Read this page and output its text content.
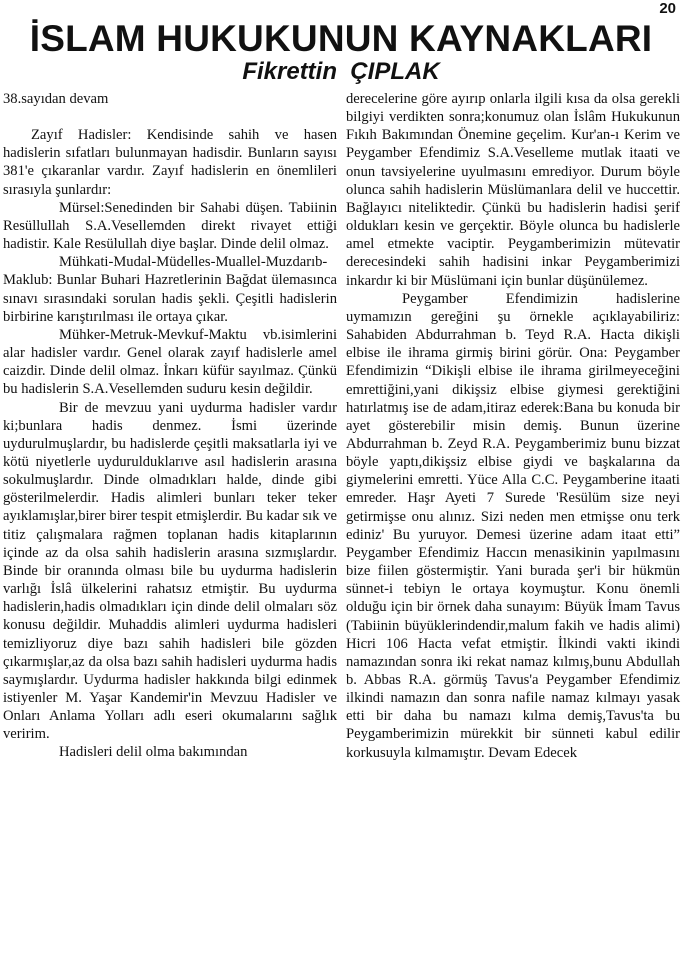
20
İSLAM HUKUKUNUN KAYNAKLARI
Fikrettin  ÇIPLAK

38.sayıdan devam

Zayıf Hadisler: Kendisinde sahih ve hasen hadislerin sıfatları bulunmayan hadisdir. Bunların sayısı 381'e çıkaranlar vardır. Zayıf hadislerin en önemlileri sırasıyla şunlardır:

Mürsel:Senedinden bir Sahabi düşen. Tabiinin Resüllullah S.A.Vesellemden direkt rivayet ettiği hadistir. Kale Resülullah diye başlar. Dinde delil olmaz.

Mühkati-Mudal-Müdelles-Muallel-Muzdarıb-Maklub: Bunlar Buhari Hazretlerinin Bağdat ülemasınca sınavı sırasındaki sorulan hadis şekli. Çeşitli hadislerin birbirine karıştırılması ile ortaya çıkar.

Mühker-Metruk-Mevkuf-Maktu vb.isimlerini alar hadisler vardır. Genel olarak zayıf hadislerle amel caizdir. Dinde delil olmaz. İnkarı küfür sayılmaz. Çünkü bu hadislerin S.A.Vesellemden suduru kesin değildir.

Bir de mevzuu yani uydurma hadisler vardır ki;bunlara hadis denmez. İsmi üzerinde uydurulmuşlardır, bu hadislerde çeşitli maksatlarla iyi ve kötü niyetlerle uydurulduklarıve asıl hadislerin arasına sokulmuşlardır. Dinde olmadıkları halde, dinde gibi gösterilmelerdir. Hadis alimleri bunları teker teker ayıklamışlar,birer birer tespit etmişlerdir. Bu kadar sık ve titiz çalışmalara rağmen toplanan hadis kitaplarının içinde az da olsa sahih hadislerin arasına sızmışlardır. Binde bir oranında olması bile bu uydurma hadislerin varlığı İslâ ülkelerini rahatsız etmiştir. Bu uydurma hadislerin,hadis olmadıkları için dinde delil olmaları söz konusu değildir. Muhaddis alimleri uydurma hadisleri temizliyoruz diye bazı sahih hadisleri bile gözden çıkarmışlar,az da olsa bazı sahih hadisleri uydurma hadis saymışlardır. Uydurma hadisler hakkında bilgi edinmek istiyenler M. Yaşar Kandemir'in Mevzuu Hadisler ve Onları Anlama Yolları adlı eseri okumalarını sağlık veririm.

Hadisleri delil olma bakımından

derecelerine göre ayırıp onlarla ilgili kısa da olsa gerekli bilgiyi verdikten sonra;konumuz olan İslâm Hukukunun Fıkıh Bakımından Önemine geçelim. Kur'an-ı Kerim ve Peygamber Efendimiz S.A.Veselleme mutlak itaati ve onun tavsiyelerine uyulmasını emrediyor. Durum böyle olunca sahih hadislerin Müslümanlara delil ve huccettir. Bağlayıcı niteliktedir. Çünkü bu hadislerin hadisi şerif oldukları kesin ve gerçektir. Böyle olunca bu hadislerle amel etmekte vaciptir. Peygamberimizin mütevatir derecesindeki sahih hadisini inkar Peygamberimizi inkardır ki bir Müslümani için bunlar düşünülemez.

Peygamber Efendimizin hadislerine uymamızın gereğini şu örnekle açıklayabiliriz: Sahabiden Abdurrahman b. Teyd R.A. Hacta dikişli elbise ile ihrama girmiş birini görür. Ona: Peygamber Efendimizin “Dikişli elbise ile ihrama girilmeyeceğini emrettiğini,yani dikişsiz elbise giymesi gerektiğini hatırlatmış ise de adam,itiraz ederek:Bana bu konuda bir ayet gösterebilir misin demiş. Bunun üzerine Abdurrahman b. Zeyd R.A. Peygamberimiz bunu bizzat böyle yaptı,dikişsiz elbise giydi ve başkalarına da giymelerini emretti. Yüce Alla C.C. Peygamberine itaati emreder. Haşr Ayeti 7 Surede 'Resülüm size neyi getirmişse onu alınız. Sizi neden men etmişse onu terk ediniz' Bu yuruyor. Demesi üzerine adam itaat etti” Peygamber Efendimiz Haccın menasikinin yapılmasını bize fiilen göstermiştir. Yani burada şer'i bir hükmün sünnet-i tebiyn le ortaya koymuştur. Konu önemli olduğu için bir örnek daha sunayım: Büyük İmam Tavus (Tabiinin büyüklerindendir,malum fakih ve hadis alimi) Hicri 106 Hacta vefat etmiştir. İlkindi vakti ikindi namazından sonra iki rekat namaz kılmış,bunu Abdullah b. Abbas R.A. görmüş Tavus'a Peygamber Efendimiz ilkindi namazın dan sonra nafile namaz kılmayı yasak etti bir daha bu namazı kılma demiş,Tavus'ta bu Peygamberimizin mürekkit bir sünneti kabul edilir korkusuyla kılmamıştır. Devam Edecek
